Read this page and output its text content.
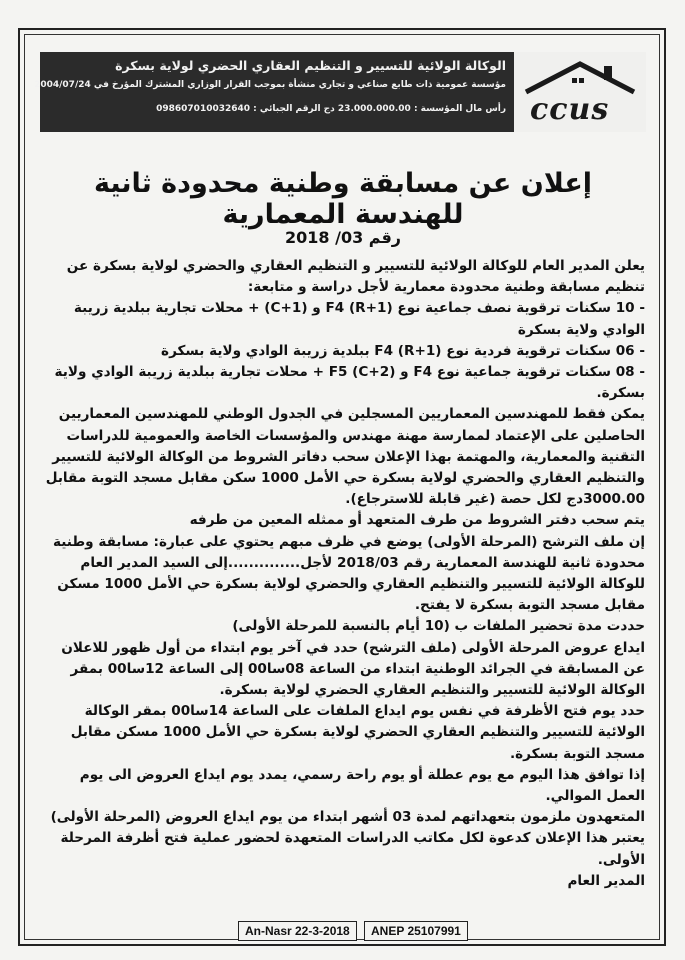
الوكالة الولائية للتسيير و التنظيم العقاري الحضري لولاية بسكرة
مؤسسة عمومية ذات طابع صناعي و تجاري منشأة بموجب القرار الوزاري المشترك المؤرخ في 2004/07/24
رأس مال المؤسسة : 23.000.000.00 دج الرقم الجبائي : 098607010032640 ccus
إعلان عن مسابقة وطنية محدودة ثانية للهندسة المعمارية
رقم 03/ 2018

يعلن المدير العام للوكالة الولائية للتسيير و التنظيم العقاري والحضري لولاية بسكرة عن تنظيم مسابقة وطنية محدودة معمارية لأجل دراسة و متابعة:

- 10 سكنات ترقوية نصف جماعية نوع F4 (R+1) و (C+1) + محلات تجارية ببلدية زريبة الوادي ولاية بسكرة

- 06 سكنات ترقوية فردية نوع F4 (R+1) ببلدية زريبة الوادي ولاية بسكرة

- 08 سكنات ترقوية جماعية نوع F4 و F5 (C+2) + محلات تجارية ببلدية زريبة الوادي ولاية بسكرة.

يمكن فقط للمهندسين المعماريين المسجلين في الجدول الوطني للمهندسين المعماريين الحاصلين على الإعتماد لممارسة مهنة مهندس والمؤسسات الخاصة والعمومية للدراسات التقنية والمعمارية، والمهتمة بهذا الإعلان سحب دفاتر الشروط من الوكالة الولائية للتسيير والتنظيم العقاري والحضري لولاية بسكرة حي الأمل 1000 سكن مقابل مسجد التوبة مقابل 3000.00دج لكل حصة (غير قابلة للاسترجاع).

يتم سحب دفتر الشروط من طرف المتعهد أو ممثله المعين من طرفه

إن ملف الترشح (المرحلة الأولى) يوضع في ظرف مبهم يحتوي على عبارة: مسابقة وطنية محدودة ثانية للهندسة المعمارية رقم 2018/03 لأجل..............إلى السيد المدير العام للوكالة الولائية للتسيير والتنظيم العقاري والحضري لولاية بسكرة حي الأمل 1000 مسكن مقابل مسجد التوبة بسكرة لا يفتح.

حددت مدة تحضير الملفات ب (10 أيام بالنسبة للمرحلة الأولى)

ايداع عروض المرحلة الأولى (ملف الترشح) حدد في آخر يوم ابتداء من أول ظهور للاعلان عن المسابقة في الجرائد الوطنية ابتداء من الساعة 08سا00 إلى الساعة 12سا00 بمقر الوكالة الولائية للتسيير والتنظيم العقاري الحضري لولاية بسكرة.

حدد يوم فتح الأظرفة في نفس يوم ايداع الملفات على الساعة 14سا00 بمقر الوكالة الولائية للتسيير والتنظيم العقاري الحضري لولاية بسكرة حي الأمل 1000 مسكن مقابل مسجد التوبة بسكرة.

إذا توافق هذا اليوم مع يوم عطلة أو يوم راحة رسمي، يمدد يوم ايداع العروض الى يوم العمل الموالي.

المتعهدون ملزمون بتعهداتهم لمدة 03 أشهر ابتداء من يوم ايداع العروض (المرحلة الأولى)

يعتبر هذا الإعلان كدعوة لكل مكاتب الدراسات المتعهدة لحضور عملية فتح أظرفة المرحلة الأولى.

المدير العام

An-Nasr 22-3-2018	ANEP 25107991
